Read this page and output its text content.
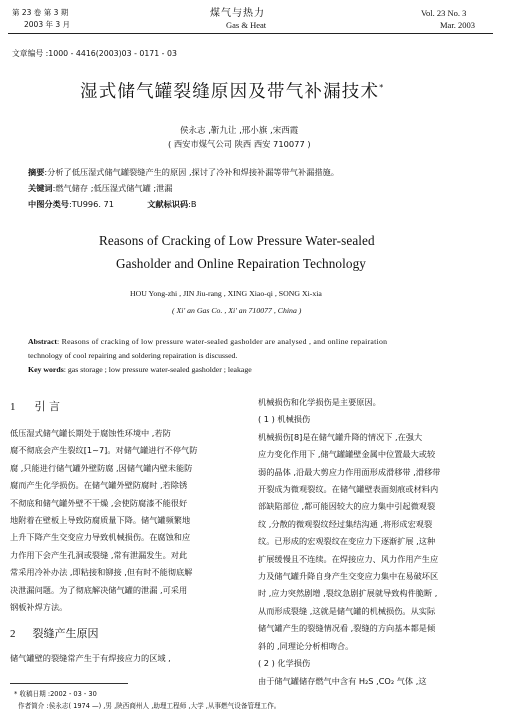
第 23 卷 第 3 期
2003 年 3 月
煤气与热力
Gas & Heat
Vol. 23 No. 3
Mar. 2003
文章编号 :1000 - 4416(2003)03 - 0171 - 03
湿式储气罐裂缝原因及带气补漏技术*
侯永志 ,靳九让 ,邢小旗 ,宋西霞
( 西安市煤气公司 陕西 西安 710077 )
摘要:分析了低压湿式储气罐裂缝产生的原因 ,探讨了冷补和焊接补漏等带气补漏措施。
关键词:燃气储存 ;低压湿式储气罐 ;泄漏
中图分类号:TU996. 71	文献标识码:B
Reasons of Cracking of Low Pressure Water-sealed
Gasholder and Online Repairation Technology
HOU Yong-zhi , JIN Jiu-rang , XING Xiao-qi , SONG Xi-xia
( Xi' an Gas Co. , Xi' an 710077 , China )

Abstract: Reasons of cracking of low pressure water-sealed gasholder are analysed , and online repairation

technology of cool repairing and soldering repairation is discussed.

Key words: gas storage ; low pressure water-sealed gasholder ; leakage

1 引 言

低压湿式储气罐长期处于腐蚀性环境中 ,若防

腐不彻底会产生裂纹[1~7]。对储气罐进行不停气防

腐 ,只能进行储气罐外壁防腐 ,因储气罐内壁未能防

腐而产生化学损伤。在储气罐外壁防腐时 ,若除锈

不彻底和储气罐外壁不干燥 ,会使防腐漆不能很好

地附着在壁板上导致防腐质量下降。储气罐频繁地

上升下降产生交变应力导致机械损伤。在腐蚀和应

力作用下会产生孔洞或裂缝 ,常有泄漏发生。对此

常采用冷补办法 ,即粘接和铆接 ,但有时不能彻底解

决泄漏问题。为了彻底解决储气罐的泄漏 ,可采用

钢板补焊方法。

2 裂缝产生原因

储气罐壁的裂缝常产生于有焊接应力的区域 ,

机械损伤和化学损伤是主要原因。

( 1 ) 机械损伤

机械损伤[8]是在储气罐升降的情况下 ,在强大

应力变化作用下 ,储气罐罐壁金属中位置最大或较

弱的晶体 ,沿最大剪应力作用面形成滑移带 ,滑移带

开裂成为微观裂纹。在储气罐壁表面刻痕或材料内

部缺陷部位 ,都可能因较大的应力集中引起微观裂

纹 ,分散的微观裂纹经过集结沟通 ,将形成宏观裂

纹。已形成的宏观裂纹在变应力下逐渐扩展 ,这种

扩展缓慢且不连续。在焊接应力、风力作用产生应

力及储气罐升降自身产生交变应力集中在易破坏区

时 ,应力突然剧增 ,裂纹急剧扩展就导致构件脆断 ,

从而形成裂缝 ,这就是储气罐的机械损伤。从实际

储气罐产生的裂缝情况看 ,裂缝的方向基本都是倾

斜的 ,同理论分析相吻合。

( 2 ) 化学损伤

由于储气罐储存燃气中含有 H₂S ,CO₂ 气体 ,这

* 收稿日期 :2002 - 03 - 30
作者简介 :侯永志( 1974 —) ,男 ,陕西商州人 ,助理工程师 ,大学 ,从事燃气设备管理工作。
